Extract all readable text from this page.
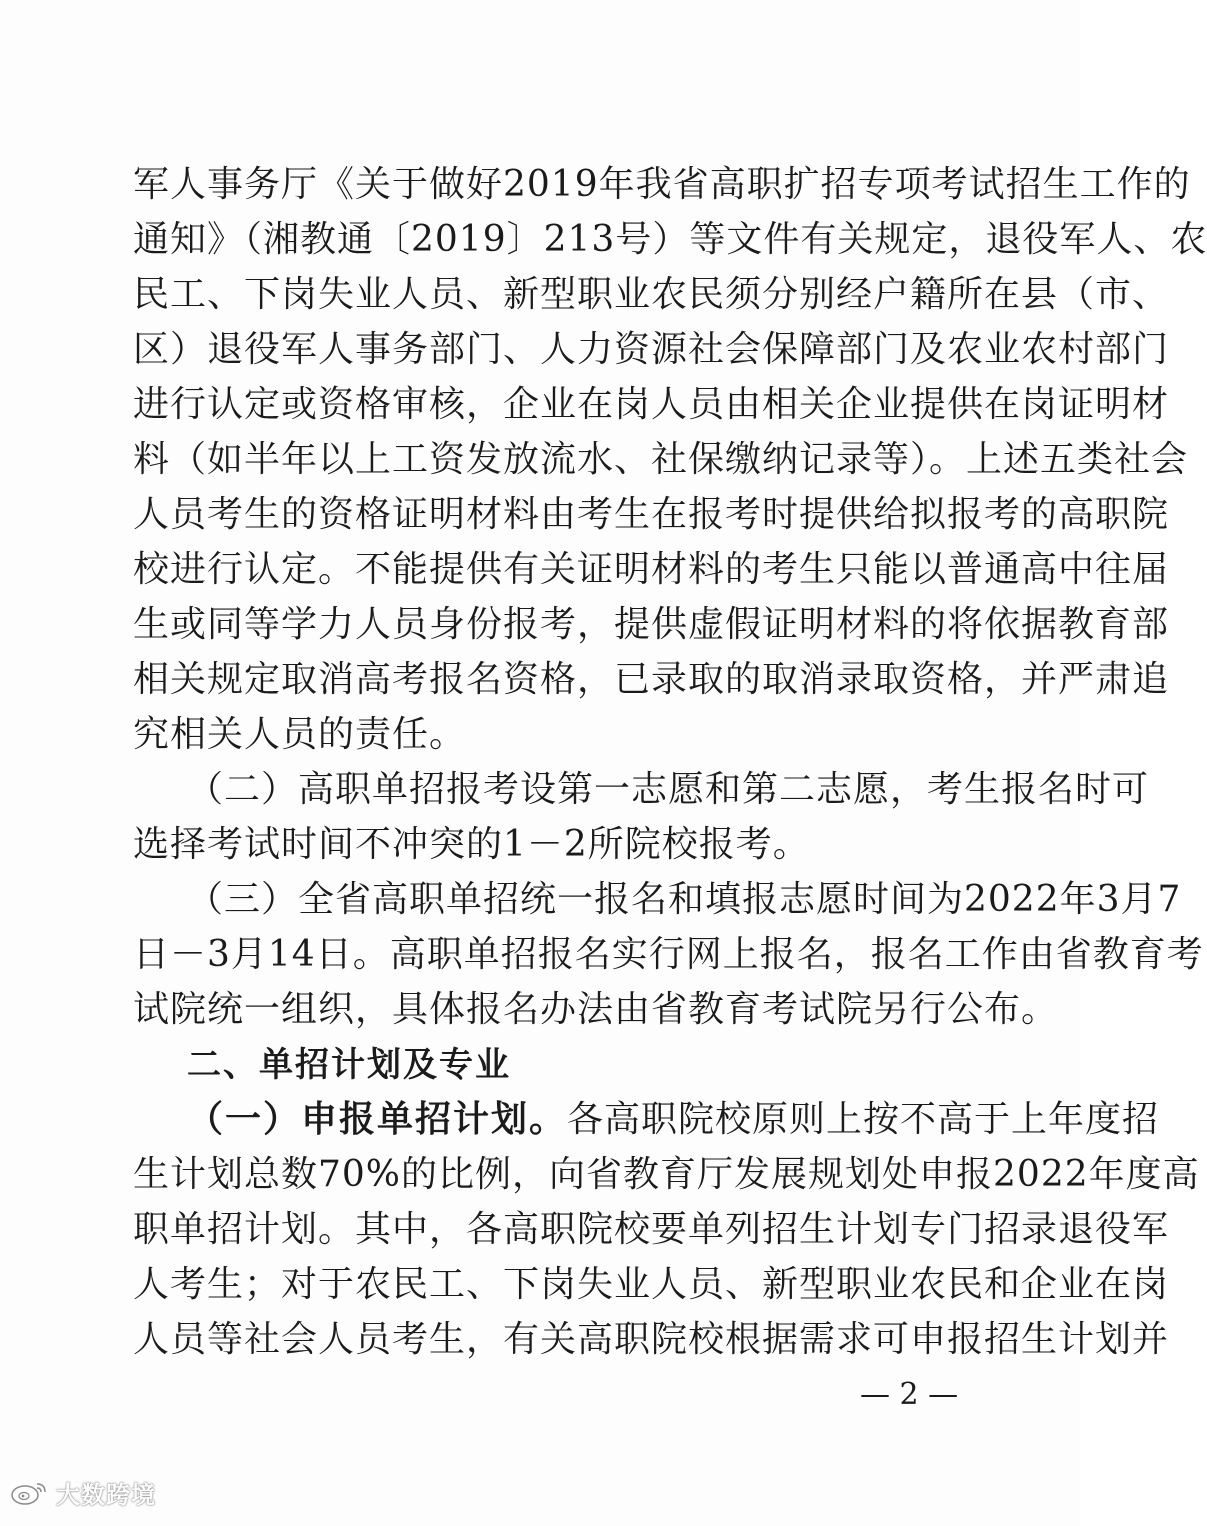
军人事务厅《关于做好2019年我省高职扩招专项考试招生工作的
通知》（湘教通〔2019〕213号）等文件有关规定，退役军人、农
民工、下岗失业人员、新型职业农民须分别经户籍所在县（市、
区）退役军人事务部门、人力资源社会保障部门及农业农村部门
进行认定或资格审核，企业在岗人员由相关企业提供在岗证明材
料（如半年以上工资发放流水、社保缴纳记录等）。上述五类社会
人员考生的资格证明材料由考生在报考时提供给拟报考的高职院
校进行认定。不能提供有关证明材料的考生只能以普通高中往届
生或同等学力人员身份报考，提供虚假证明材料的将依据教育部
相关规定取消高考报名资格，已录取的取消录取资格，并严肃追
究相关人员的责任。
（二）高职单招报考设第一志愿和第二志愿，考生报名时可
选择考试时间不冲突的1－2所院校报考。
（三）全省高职单招统一报名和填报志愿时间为2022年3月7
日－3月14日。高职单招报名实行网上报名，报名工作由省教育考
试院统一组织，具体报名办法由省教育考试院另行公布。
二、单招计划及专业
（一）申报单招计划。各高职院校原则上按不高于上年度招
生计划总数70%的比例，向省教育厅发展规划处申报2022年度高
职单招计划。其中，各高职院校要单列招生计划专门招录退役军
人考生；对于农民工、下岗失业人员、新型职业农民和企业在岗
人员等社会人员考生，有关高职院校根据需求可申报招生计划并
— 2 —
大数跨境
